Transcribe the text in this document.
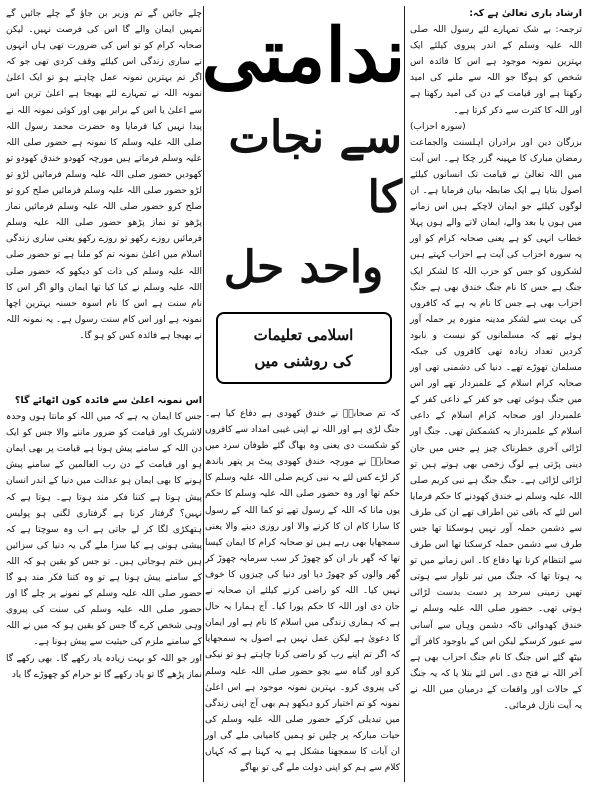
ارشاد باری تعالیٰ ہے کہ:

ترجمہ: بے شک تمہارے لئے رسول اللہ صلی اللہ علیہ وسلم کے اندر پیروی کیلئے ایک بہترین نمونہ موجود ہے اس کا فائدہ اس شخص کو ہوگا جو اللہ سے ملنے کی امید رکھتا ہے اور قیامت کے دن کی امید رکھتا ہے اور اللہ کا کثرت سے ذکر کرتا ہے۔

(سورہ احزاب)

بزرگان دین اور برادران اہلسنت والجماعت رمضان مبارک کا مہینہ گزر چکا ہے۔ اس آیت میں اللہ تعالیٰ نے قیامت تک انسانوں کیلئے اصول بتایا ہے ایک ضابطہ بیان فرمایا ہے۔ ان لوگوں کیلئے جو ایمان لاچکے ہیں اس زمانے میں ہوں یا بعد والے، ایمان لانے والے ہوں پہلا خطاب انہی کو ہے یعنی صحابہ کرام کو اور یہ سورہ احزاب کی آیت ہے احزاب کہتے ہیں لشکروں کو جس کو حزب اللہ کا لشکر ایک جنگ ہے جس کا نام جنگ خندق بھی ہے جنگ احزاب بھی ہے جس کا نام یہ ہے کہ کافروں کی بہت سے لشکر مدینہ منورہ پر حملہ آور ہوئے تھے کہ مسلمانوں کو نیست و نابود کردیں تعداد زیادہ تھی کافروں کی جبکہ مسلمان تھوڑے تھے۔ دنیا کی دشمنی تھی اور صحابہ کرام اسلام کے علمبردار تھے اور اس میں جنگ ہوئی تھی جو کفر کے داعی کفر کے علمبردار اور صحابہ کرام اسلام کے داعی اسلام کے علمبردار یہ کشمکش تھی۔ جنگ اور لڑائی آخری خطرناک چیز ہے جس میں جان دینی پڑتی ہے لوگ زخمی بھی ہوتے ہیں تو لڑائی لڑائی ہے۔ جنگ جنگ ہے نبی کریم صلی اللہ علیہ وسلم نے خندق کھودنے کا حکم فرمایا اس لئے کہ باقی تین اطراف تھے ان کی طرف سے دشمن حملہ آور نہیں ہوسکتا تھا جس طرف سے دشمن حملہ کرسکتا تھا اس طرف سے انتظام کرنا تھا دفاع کا۔ اس زمانے میں تو یہ ہوتا تھا کہ جنگ میں تیر تلوار سے ہوتی تھیں زمینی سرحد پر دست بدست لڑائی ہوتی تھی۔ حضور صلی اللہ علیہ وسلم نے خندق کھدوائی تاکہ دشمن وہاں سے آسانی سے عبور کرسکے لیکن اس کے باوجود کافر آئے بیٹھ گئے اس جنگ کا نام جنگ احزاب بھی ہے آخر اللہ نے فتح دی۔ اس لئے بتلا یا کہ یہ جنگ کے حالات اور واقعات کے درمیان میں اللہ نے یہ آیت نازل فرمائی۔

ندامتی
سے نجات کا
واحد حل
اسلامی تعلیمات
کی روشنی میں

کہ تم صحابہؓ نے خندق کھودی ہے دفاع کیا ہے۔ جنگ لڑی ہے اور اللہ نے اپنی غیبی امداد سے کافروں کو شکست دی یعنی وہ بھاگ گئے طوفان سرد میں صحابہؓ نے مورچہ خندق کھودی پیٹ پر پتھر باندھ کر لڑے کس لئے یہ نبی کریم صلی اللہ علیہ وسلم کا حکم تھا اور وہ حضور صلی اللہ علیہ وسلم کا حکم یوں مانا کہ اللہ کے رسول تھے تو کما اللہ کے رسول کا سارا کام ان کا کرنے والا اور روزی دینے والا یعنی سمجھایا بھی رہے ہیں تو صحابہ کرام کا ایمان کیسا تھا کہ گھر بار ان کو چھوڑ کر سب سرمایہ چھوڑ کر گھر والوں کو چھوڑ دیا اور دنیا کی چیزوں کا خوف نہیں کیا۔ اللہ کو راضی کرنے کیلئے ان صحابہ نے جان دی اور اللہ کا حکم پورا کیا۔ آج ہمارا یہ حال ہے کہ ہماری زندگی میں اسلام کا نام ہے اور ایمان کا دعویٰ ہے لیکن عمل نہیں ہے اصول یہ سمجھایا کہ اگر تم اپنے رب کو راضی کرنا چاہتے ہو تو نیکی کرو اور گناہ سے بچو حضور صلی اللہ علیہ وسلم کی پیروی کرو۔ بہترین نمونہ موجود ہے اس اعلیٰ نمونہ کو تم اختیار کرو دیکھو ہم بھی آج اپنی زندگی میں تبدیلی کرکے حضور صلی اللہ علیہ وسلم کی حیات مبارکہ پر چلیں تو ہمیں کامیابی ملے گی اور ان آیات کا سمجھنا مشکل ہے یہ کہنا ہے کہ کہاں کلام سے ہم کو اپنی دولت ملے گی تو بھاگے

چلے جائیں گے تم وزیر بن جاؤ گے چلے جائیں گے تمہیں ایمان والے گا اس کی فرصت نہیں۔ لیکن صحابہ کرام کو تو اس کی ضرورت تھی ہاں انہوں نے ساری زندگی اس کیلئے وقف کردی تھی جو کہ اگر تم بہترین نمونہ عمل چاہتے ہو تو ایک اعلیٰ نمونہ اللہ نے تمہارے لئے بھیجا ہے اعلیٰ ترین اس سے اعلیٰ یا اس کے برابر بھی اور کوئی نمونہ اللہ نے پیدا نہیں کیا فرمایا وہ حضرت محمد رسول اللہ صلی اللہ علیہ وسلم کا نمونہ ہے حضور صلی اللہ علیہ وسلم فرماتے ہیں مورچہ کھودو خندق کھودو تو کھودیں حضور صلی اللہ علیہ وسلم فرمائیں لڑو تو لڑو حضور صلی اللہ علیہ وسلم فرمائیں صلح کرو تو صلح کرو حضور صلی اللہ علیہ وسلم فرمائیں نماز پڑھو تو نماز پڑھو حضور صلی اللہ علیہ وسلم فرمائیں روزے رکھو تو روزے رکھو یعنی ساری زندگی اسلام میں اعلیٰ نمونہ تم کو ملنا ہے تو حضور صلی اللہ علیہ وسلم کی ذات کو دیکھو کہ حضور صلی اللہ علیہ وسلم نے کیا کیا تھا ایمان والو اگر اس کا نام سنت ہے اس کا نام اسوہ حسنہ بہترین اچھا نمونہ ہے اور اس کام سنت رسول ہے۔ یہ نمونہ اللہ نے بھیجا ہے فائدہ کس کو ہو گا۔

اس نمونہ اعلیٰ سے فائدہ کون اٹھائے گا؟

جس کا ایمان یہ ہے کہ میں اللہ کو مانتا ہوں وحدہ لاشریک اور قیامت کو ضرور ماننے والا جس کو ایک دن اللہ کے سامنے پیش ہونا ہے قیامت پر بھی ایمان ہو اور قیامت کے دن رب العالمین کے سامنے پیش ہونے کا بھی ایمان ہو عدالت میں دنیا کے اندر انسان پیش ہوتا ہے کتنا فکر مند ہوتا ہے۔ ہوتا ہے کہ نہیں؟ گرفتار کرنا ہے گرفتاری لگنی ہو پولیس ہتھکڑی لگا کر لے جاتی ہے اب وہ سوچتا ہے کہ پیشی ہونی ہے کیا سزا ملے گی یہ دنیا کی سزائیں ہیں ختم ہوجاتی ہیں۔ تو جس کو یقین ہو کہ اللہ کے سامنے پیش ہونا ہے تو وہ کتنا فکر مند ہو گا حضور صلی اللہ علیہ وسلم کے نمونے پر چلے گا اور حضور صلی اللہ علیہ وسلم کی سنت کی پیروی وہی شخص کرے گا جس کو یقین ہو کہ میں نے اللہ کے سامنے ملزم کی حیثیت سے پیش ہونا ہے۔

اور جو اللہ کو بہت زیادہ یاد رکھے گا۔ بھی رکھے گا نماز پڑھے گا تو یاد رکھے گا تو حرام کو چھوڑے گا یاد
